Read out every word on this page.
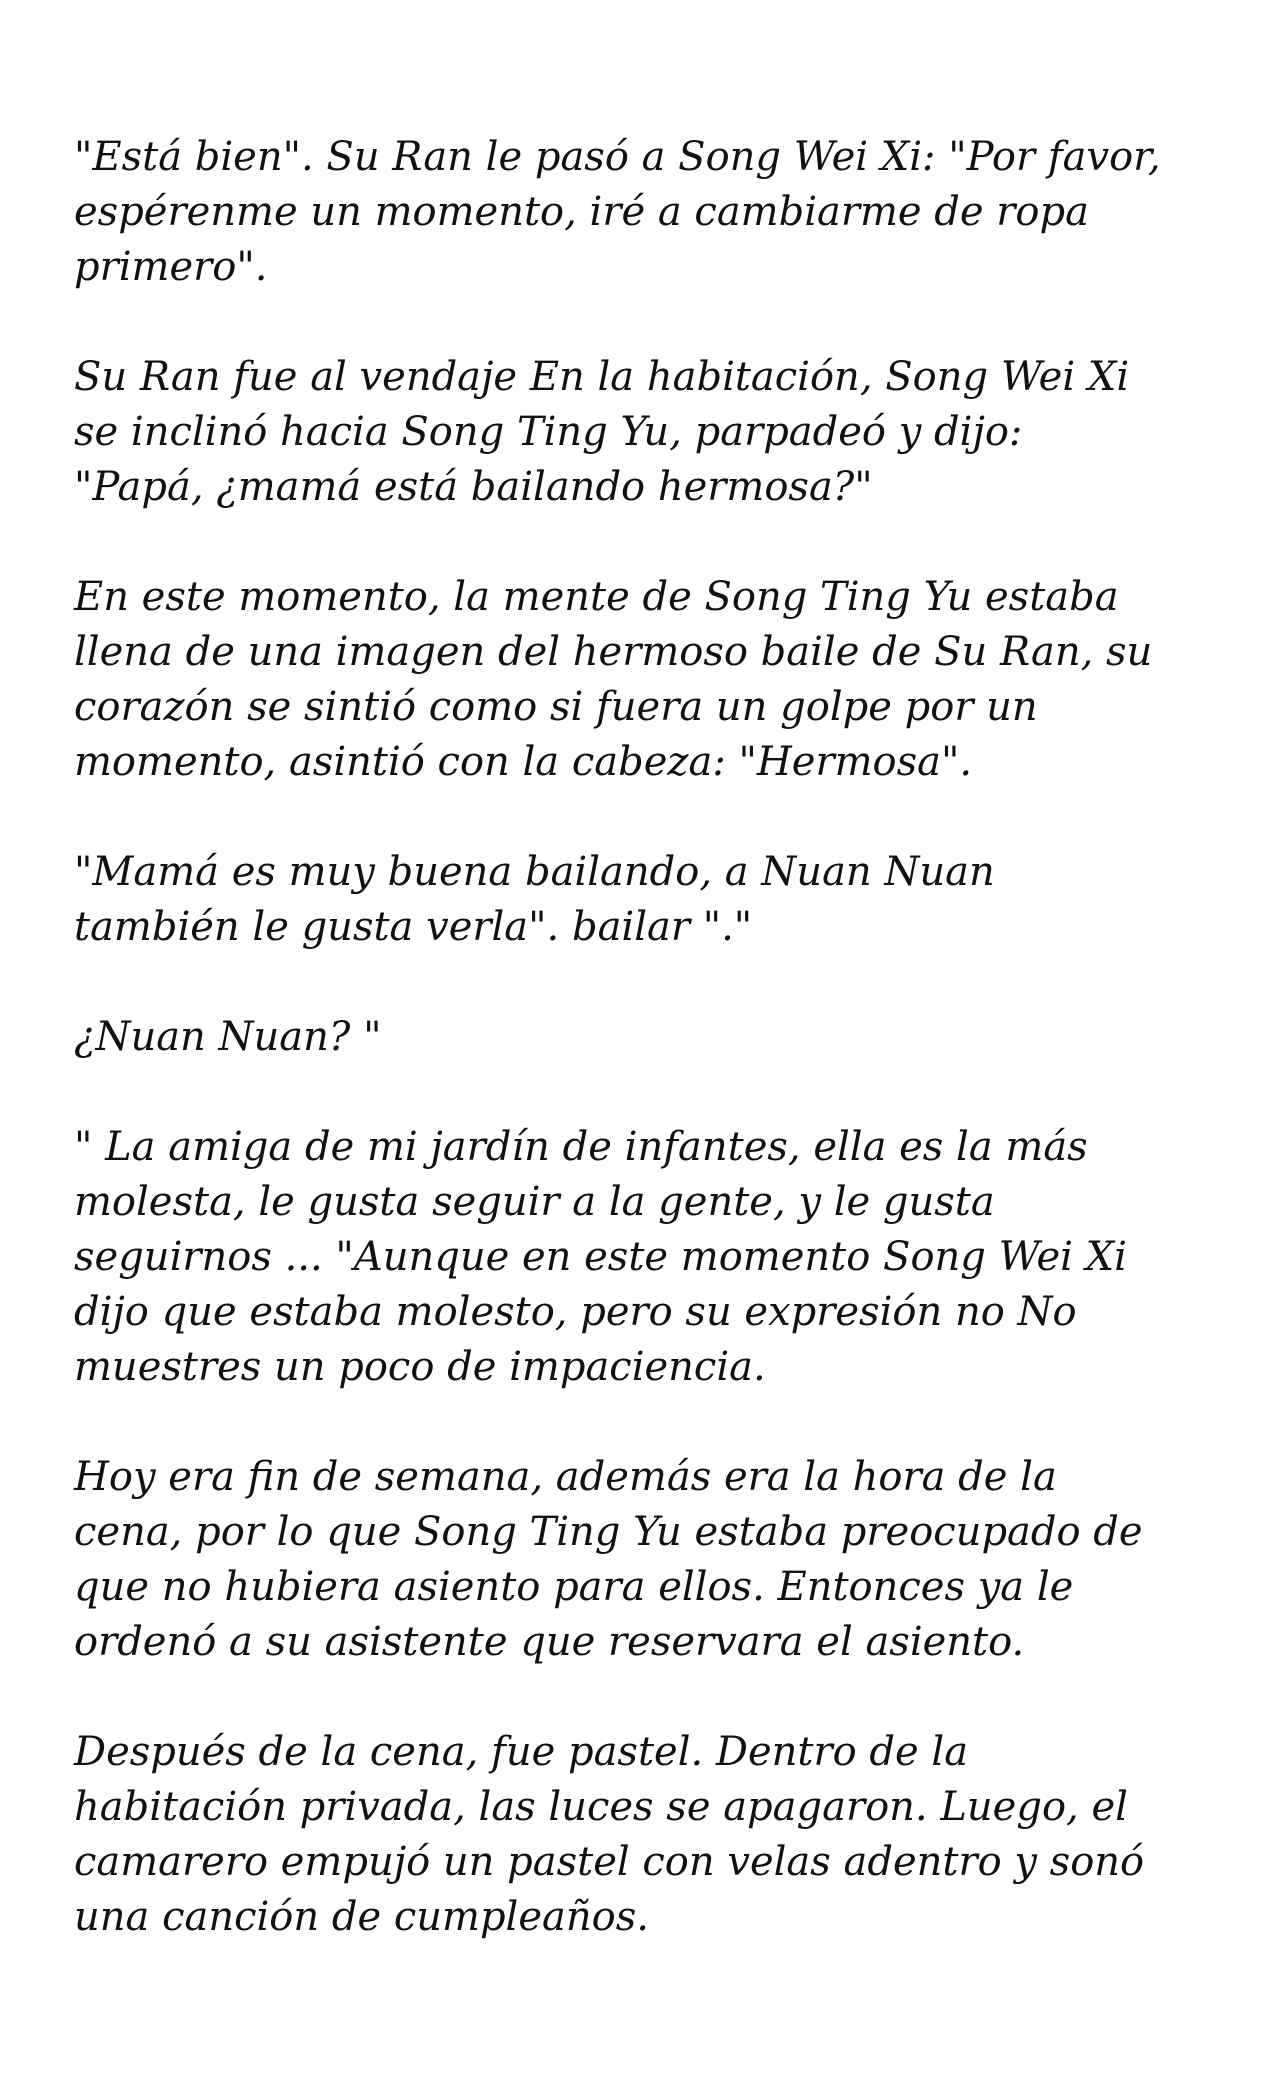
"Está bien". Su Ran le pasó a Song Wei Xi: "Por favor,
espérenme un momento, iré a cambiarme de ropa
primero".

Su Ran fue al vendaje En la habitación, Song Wei Xi
se inclinó hacia Song Ting Yu, parpadeó y dijo:
"Papá, ¿mamá está bailando hermosa?"

En este momento, la mente de Song Ting Yu estaba
llena de una imagen del hermoso baile de Su Ran, su
corazón se sintió como si fuera un golpe por un
momento, asintió con la cabeza: "Hermosa".

"Mamá es muy buena bailando, a Nuan Nuan
también le gusta verla". bailar "."

¿Nuan Nuan? "

" La amiga de mi jardín de infantes, ella es la más
molesta, le gusta seguir a la gente, y le gusta
seguirnos ... "Aunque en este momento Song Wei Xi
dijo que estaba molesto, pero su expresión no No
muestres un poco de impaciencia.

Hoy era fin de semana, además era la hora de la
cena, por lo que Song Ting Yu estaba preocupado de
que no hubiera asiento para ellos. Entonces ya le
ordenó a su asistente que reservara el asiento.

Después de la cena, fue pastel. Dentro de la
habitación privada, las luces se apagaron. Luego, el
camarero empujó un pastel con velas adentro y sonó
una canción de cumpleaños.
